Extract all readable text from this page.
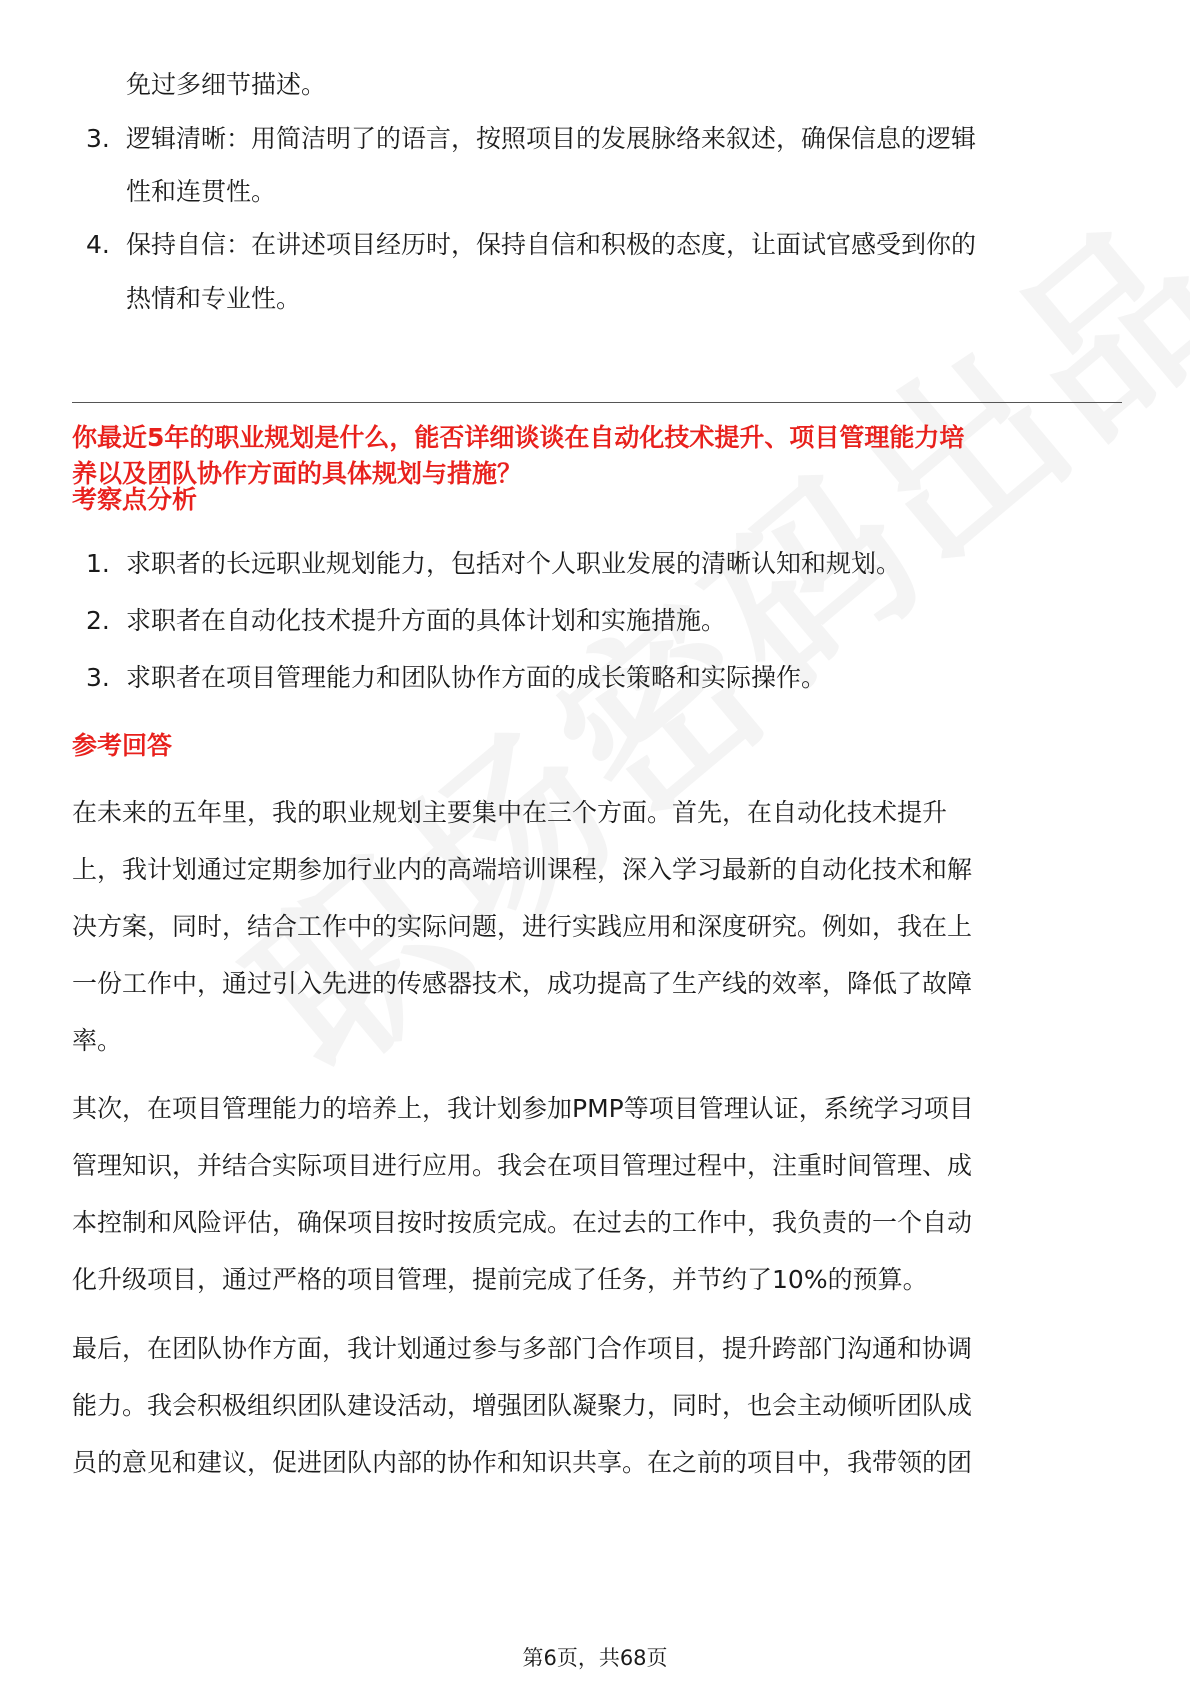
免过多细节描述。
3. 逻辑清晰：用简洁明了的语言，按照项目的发展脉络来叙述，确保信息的逻辑
性和连贯性。
4. 保持自信：在讲述项目经历时，保持自信和积极的态度，让面试官感受到你的
热情和专业性。
你最近5年的职业规划是什么，能否详细谈谈在自动化技术提升、项目管理能力培
养以及团队协作方面的具体规划与措施？
考察点分析
1. 求职者的长远职业规划能力，包括对个人职业发展的清晰认知和规划。
2. 求职者在自动化技术提升方面的具体计划和实施措施。
3. 求职者在项目管理能力和团队协作方面的成长策略和实际操作。
参考回答
在未来的五年里，我的职业规划主要集中在三个方面。首先，在自动化技术提升
上，我计划通过定期参加行业内的高端培训课程，深入学习最新的自动化技术和解
决方案，同时，结合工作中的实际问题，进行实践应用和深度研究。例如，我在上
一份工作中，通过引入先进的传感器技术，成功提高了生产线的效率，降低了故障
率。
其次，在项目管理能力的培养上，我计划参加PMP等项目管理认证，系统学习项目
管理知识，并结合实际项目进行应用。我会在项目管理过程中，注重时间管理、成
本控制和风险评估，确保项目按时按质完成。在过去的工作中，我负责的一个自动
化升级项目，通过严格的项目管理，提前完成了任务，并节约了10%的预算。
最后，在团队协作方面，我计划通过参与多部门合作项目，提升跨部门沟通和协调
能力。我会积极组织团队建设活动，增强团队凝聚力，同时，也会主动倾听团队成
员的意见和建议，促进团队内部的协作和知识共享。在之前的项目中，我带领的团
第6页，共68页
